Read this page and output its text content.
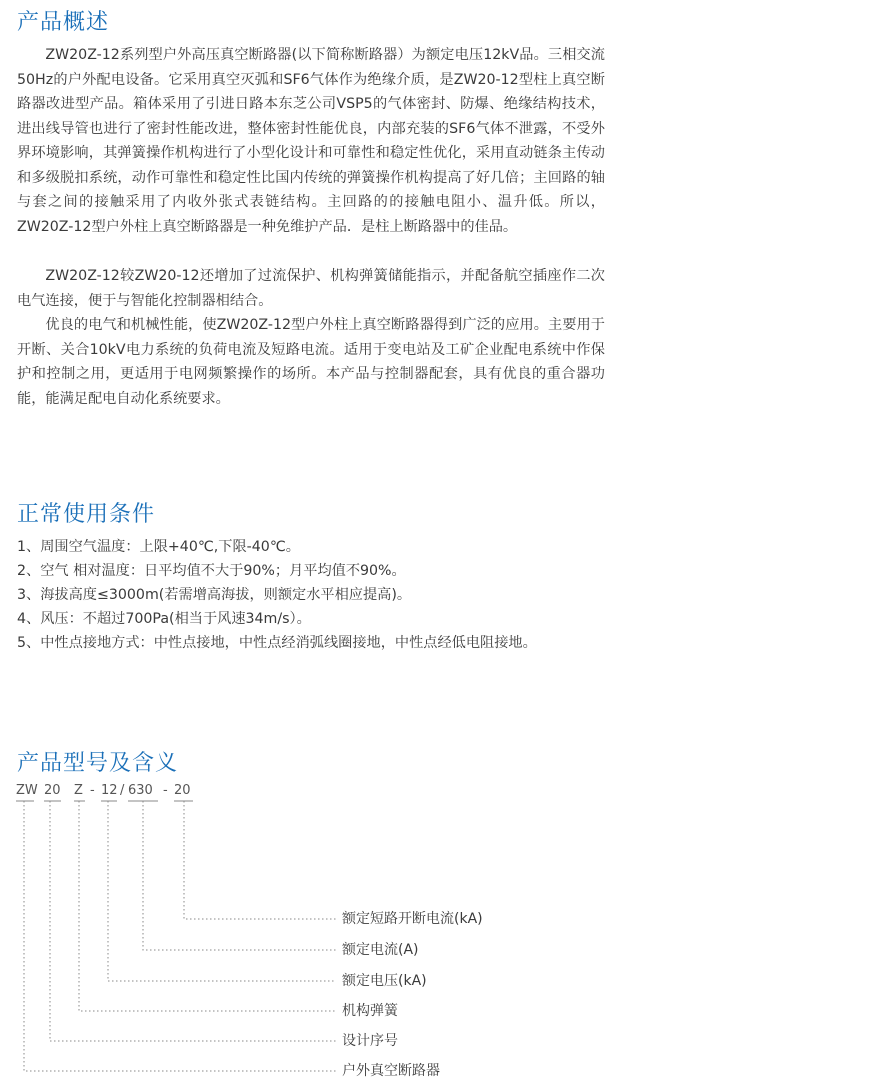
产品概述

ZW20Z-12系列型户外高压真空断路器(以下简称断路器）为额定电压12kV品。三相交流50Hz的户外配电设备。它采用真空灭弧和SF6气体作为绝缘介质，是ZW20-12型柱上真空断路器改进型产品。箱体采用了引进日路本东芝公司VSP5的气体密封、防爆、绝缘结构技术，进出线导管也进行了密封性能改进，整体密封性能优良，内部充装的SF6气体不泄露，不受外界环境影响，其弹簧操作机构进行了小型化设计和可靠性和稳定性优化，采用直动链条主传动和多级脱扣系统，动作可靠性和稳定性比国内传统的弹簧操作机构提高了好几倍；主回路的轴与套之间的接触采用了内收外张式表链结构。主回路的的接触电阻小、温升低。所以，ZW20Z-12型户外柱上真空断路器是一种免维护产品．是柱上断路器中的佳品。

ZW20Z-12较ZW20-12还增加了过流保护、机构弹簧储能指示，并配备航空插座作二次电气连接，便于与智能化控制器相结合。

优良的电气和机械性能，使ZW20Z-12型户外柱上真空断路器得到广泛的应用。主要用于开断、关合10kV电力系统的负荷电流及短路电流。适用于变电站及工矿企业配电系统中作保护和控制之用，更适用于电网频繁操作的场所。本产品与控制器配套，具有优良的重合器功能，能满足配电自动化系统要求。

正常使用条件
1、周围空气温度：上限+40℃,下限-40℃。
2、空气 相对温度：日平均值不大于90%；月平均值不90%。
3、海拔高度≤3000m(若需增高海拔，则额定水平相应提高)。
4、风压：不超过700Pa(相当于风速34m/s）。
5、中性点接地方式：中性点接地，中性点经消弧线圈接地，中性点经低电阻接地。
产品型号及含义
ZW 20 Z - 12 / 630 - 20
额定短路开断电流(kA)
额定电流(A)
额定电压(kA)
机构弹簧
设计序号
户外真空断路器
